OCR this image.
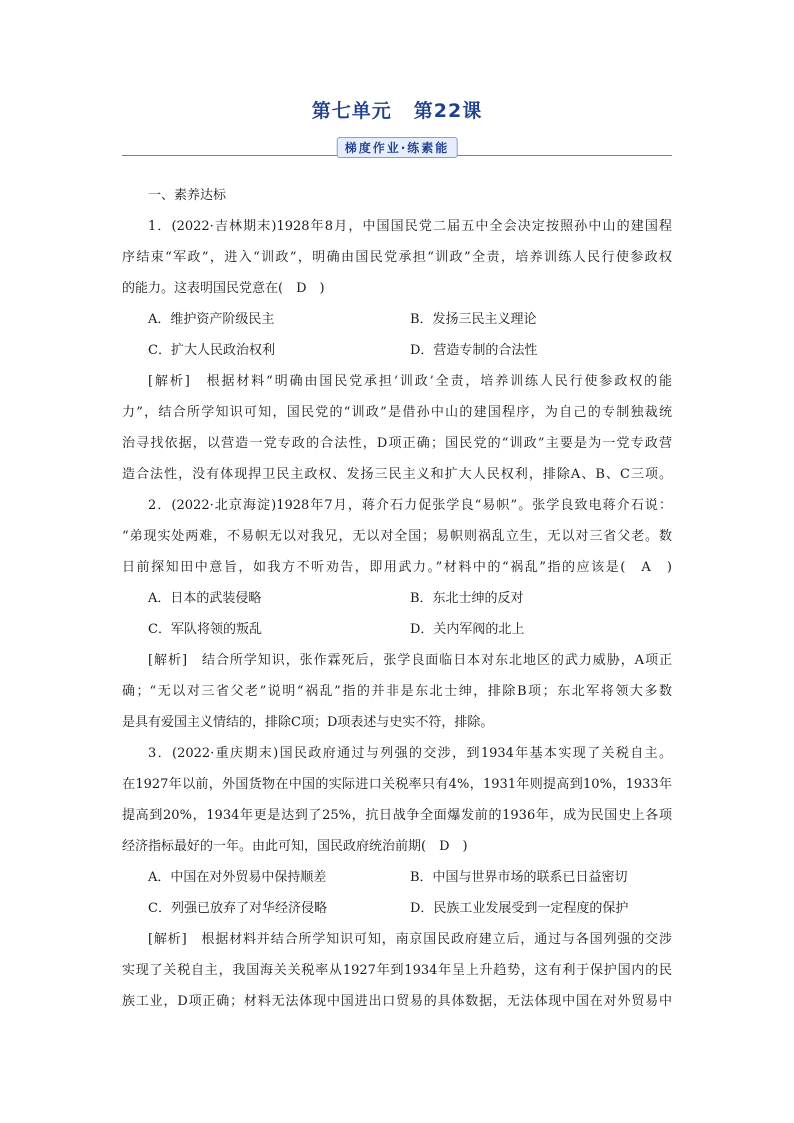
第七单元 第22课
梯度作业·练素能
一、素养达标
1．(2022·吉林期末)1928年8月，中国国民党二届五中全会决定按照孙中山的建国程
序结束“军政”，进入“训政”，明确由国民党承担“训政”全责，培养训练人民行使参政权
的能力。这表明国民党意在(　D　)
A．维护资产阶级民主	B．发扬三民主义理论
C．扩大人民政治权利	D．营造专制的合法性
[解析]　根据材料“明确由国民党承担‘训政’全责，培养训练人民行使参政权的能
力”，结合所学知识可知，国民党的“训政”是借孙中山的建国程序，为自己的专制独裁统
治寻找依据，以营造一党专政的合法性，D项正确；国民党的“训政”主要是为一党专政营
造合法性，没有体现捍卫民主政权、发扬三民主义和扩大人民权利，排除A、B、C三项。
2．(2022·北京海淀)1928年7月，蒋介石力促张学良“易帜”。张学良致电蒋介石说：
“弟现实处两难，不易帜无以对我兄，无以对全国；易帜则祸乱立生，无以对三省父老。数
日前探知田中意旨，如我方不听劝告，即用武力。”材料中的“祸乱”指的应该是(　A　)
A．日本的武装侵略	B．东北士绅的反对
C．军队将领的叛乱	D．关内军阀的北上
[解析]　结合所学知识，张作霖死后，张学良面临日本对东北地区的武力威胁，A项正
确；“无以对三省父老”说明“祸乱”指的并非是东北士绅，排除B项；东北军将领大多数
是具有爱国主义情结的，排除C项；D项表述与史实不符，排除。
3．(2022·重庆期末)国民政府通过与列强的交涉，到1934年基本实现了关税自主。
在1927年以前，外国货物在中国的实际进口关税率只有4%，1931年则提高到10%，1933年
提高到20%，1934年更是达到了25%，抗日战争全面爆发前的1936年，成为民国史上各项
经济指标最好的一年。由此可知，国民政府统治前期(　D　)
A．中国在对外贸易中保持顺差	B．中国与世界市场的联系已日益密切
C．列强已放弃了对华经济侵略	D．民族工业发展受到一定程度的保护
[解析]　根据材料并结合所学知识可知，南京国民政府建立后，通过与各国列强的交涉
实现了关税自主，我国海关关税率从1927年到1934年呈上升趋势，这有利于保护国内的民
族工业，D项正确；材料无法体现中国进出口贸易的具体数据，无法体现中国在对外贸易中
